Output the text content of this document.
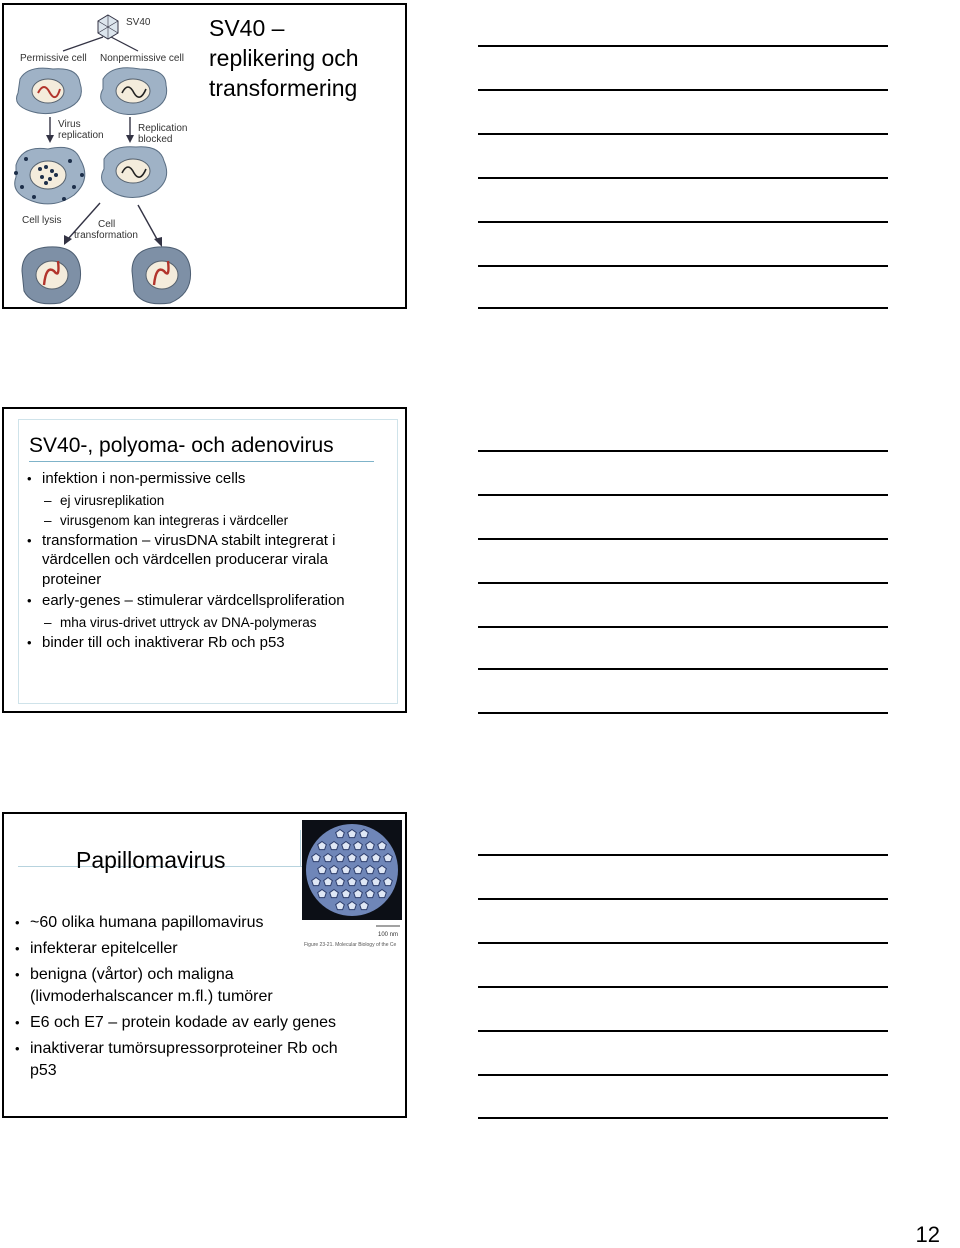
SV40
Permissive cell Nonpermissive cell
Virus
replication
Replication
blocked
Cell lysis	Cell
transformation
SV40 –
replikering och
transformering
SV40-, polyoma- och adenovirus
• infektion i non-permissive cells
– ej virusreplikation
– virusgenom kan integreras i värdceller
• transformation – virusDNA stabilt integrerat i värdcellen och värdcellen producerar virala proteiner
• early-genes – stimulerar värdcellsproliferation
– mha virus-drivet uttryck av DNA-polymeras
• binder till och inaktiverar Rb och p53
Papillomavirus
100 nm
Figure 23-21. Molecular Biology of the Ce
• ~60 olika humana papillomavirus
• infekterar epitelceller
• benigna (vårtor) och maligna (livmoderhalscancer m.fl.) tumörer
• E6 och E7 – protein kodade av early genes
• inaktiverar tumörsupressorproteiner Rb och p53
12
